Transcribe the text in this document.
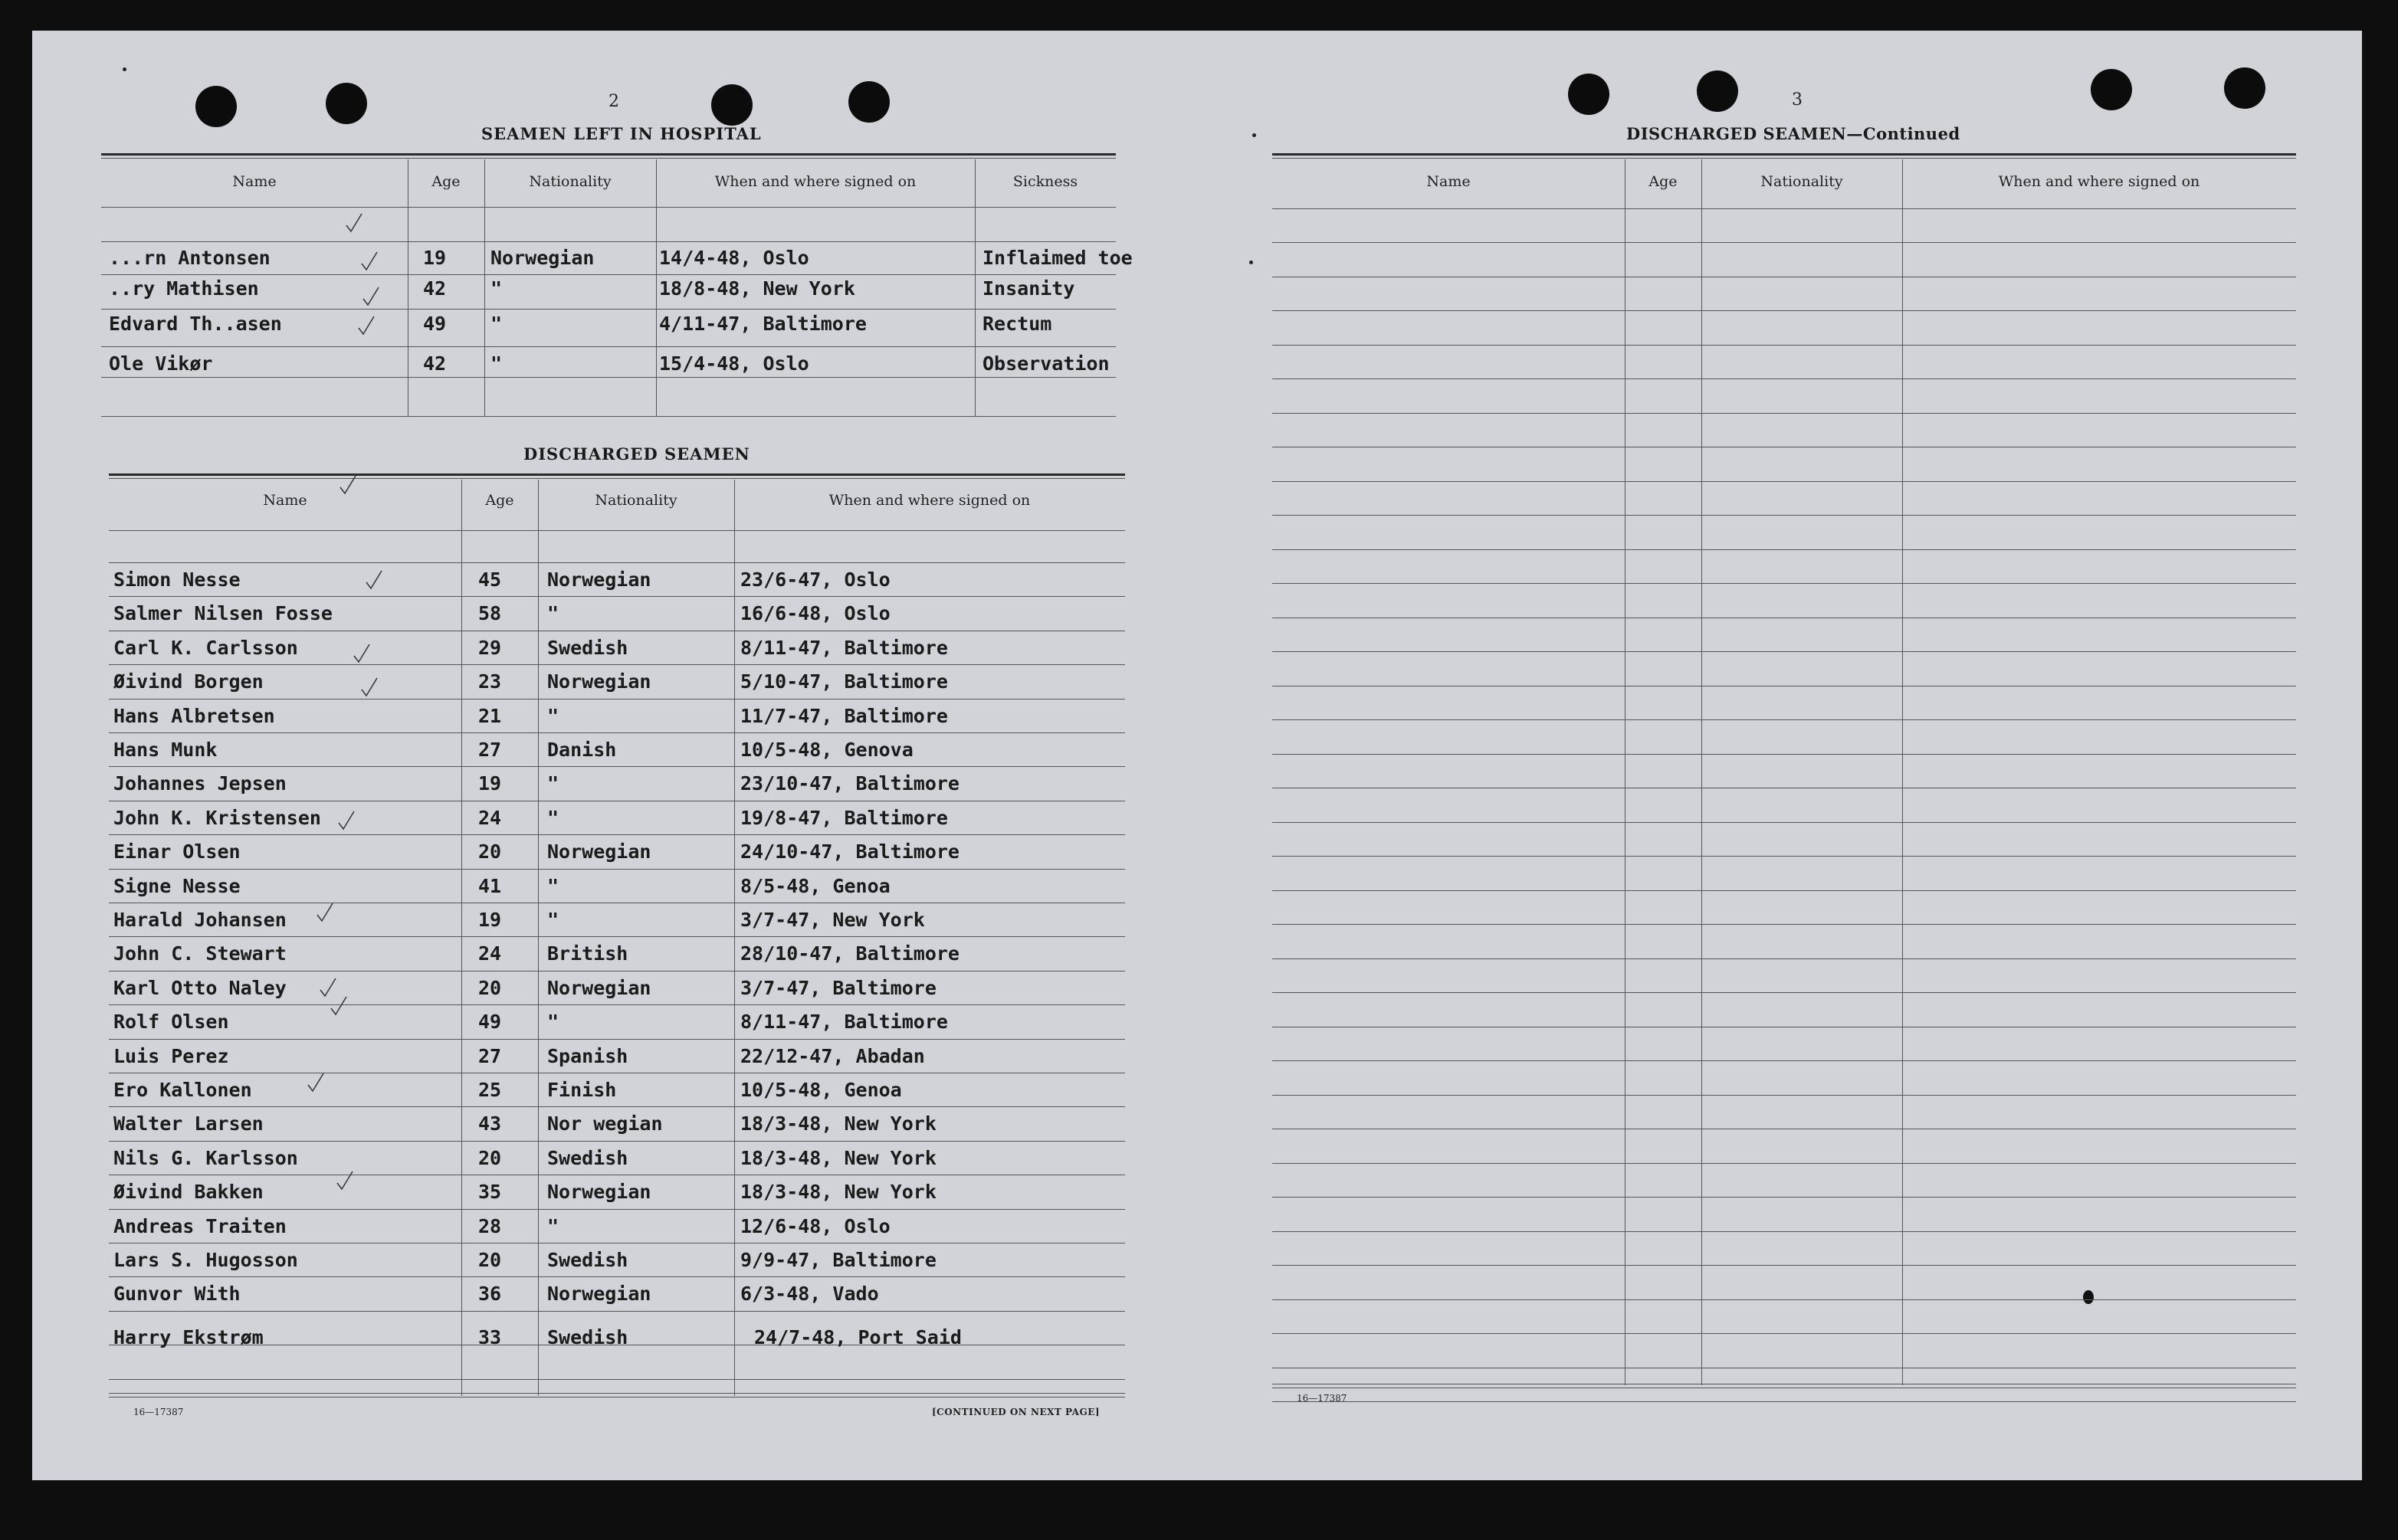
2
SEAMEN LEFT IN HOSPITAL
Name	Age	Nationality	When and where signed on	Sickness
...rn Antonsen	19 Norwegian	14/4-48, Oslo	Inflaimed toe
..ry Mathisen	42 "	18/8-48, New York	Insanity
Edvard Th..asen	49 "	4/11-47, Baltimore	Rectum
Ole Vikør	42 "	15/4-48, Oslo	Observation
DISCHARGED SEAMEN
Name	Age	Nationality	When and where signed on
Simon Nesse	45 Norwegian	23/6-47, Oslo
Salmer Nilsen Fosse	58 "	16/6-48, Oslo
Carl K. Carlsson	29 Swedish	8/11-47, Baltimore
Øivind Borgen	23 Norwegian	5/10-47, Baltimore
Hans Albretsen	21 "	11/7-47, Baltimore
Hans Munk	27 Danish	10/5-48, Genova
Johannes Jepsen	19 "	23/10-47, Baltimore
John K. Kristensen	24 "	19/8-47, Baltimore
Einar Olsen	20 Norwegian	24/10-47, Baltimore
Signe Nesse	41 "	8/5-48, Genoa
Harald Johansen	19 "	3/7-47, New York
John C. Stewart	24 British	28/10-47, Baltimore
Karl Otto Naley	20 Norwegian	3/7-47, Baltimore
Rolf Olsen	49 "	8/11-47, Baltimore
Luis Perez	27 Spanish	22/12-47, Abadan
Ero Kallonen	25 Finish	10/5-48, Genoa
Walter Larsen	43 Nor wegian	18/3-48, New York
Nils G. Karlsson	20 Swedish	18/3-48, New York
Øivind Bakken	35 Norwegian	18/3-48, New York
Andreas Traiten	28 "	12/6-48, Oslo
Lars S. Hugosson	20 Swedish	9/9-47, Baltimore
Gunvor With	36 Norwegian	6/3-48, Vado
Harry Ekstrøm	33 Swedish	24/7-48, Port Said
16—17387	[CONTINUED ON NEXT PAGE]
3
DISCHARGED SEAMEN—Continued
Name	Age	Nationality	When and where signed on
16—17387
